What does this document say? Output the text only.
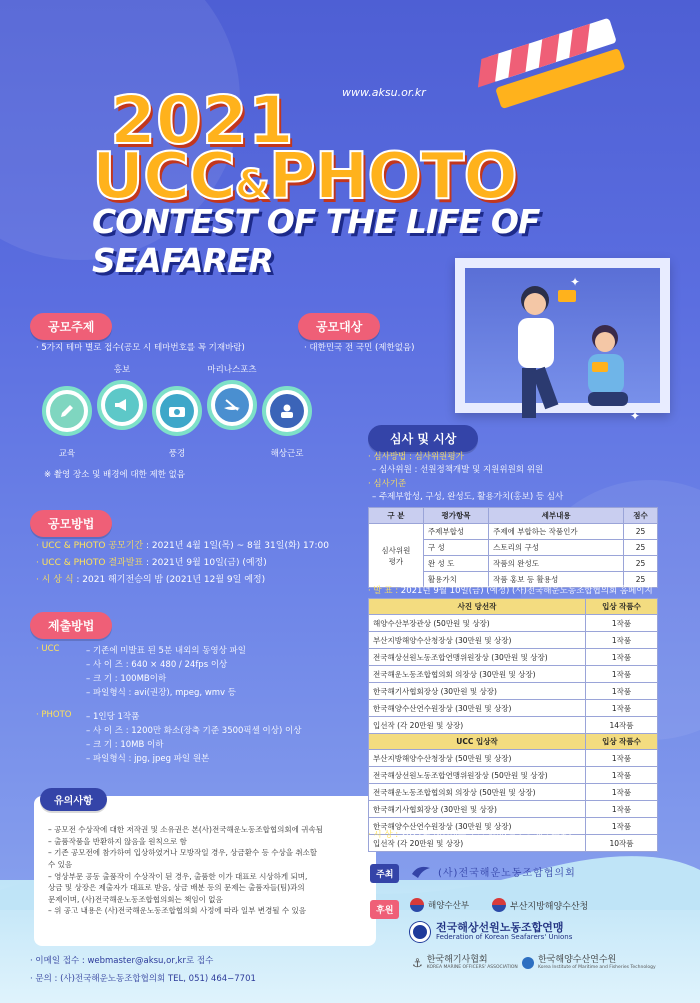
www.aksu.or.kr
2021
UCC&PHOTO
CONTEST OF THE LIFE OF SEAFARER
✦
✦
공모주제
· 5가지 테마 별로 접수(공모 시 테마번호를 꼭 기재바람)
홍보	마리나스포츠
교육	풍경	해상근로
※ 촬영 장소 및 배경에 대한 제한 없음
공모대상
· 대한민국 전 국민 (제한없음)
공모방법
· UCC & PHOTO 공모기간 : 2021년 4월 1일(목) ~ 8월 31일(화) 17:00
· UCC & PHOTO 결과발표 : 2021년 9월 10일(금) (예정)
· 시 상 식 : 2021 해기전승의 밤 (2021년 12월 9일 예정)
제출방법
· UCC	– 기존에 미발표 된 5분 내외의 동영상 파일
– 사 이 즈 : 640 × 480 / 24fps 이상
– 크 기 : 100MB이하
– 파일형식 : avi(권장), mpeg, wmv 등
· PHOTO – 1인당 1작품
– 사 이 즈 : 1200만 화소(장축 기준 3500픽셀 이상) 이상
– 크 기 : 10MB 이하
– 파일형식 : jpg, jpeg 파일 원본
– 공모전 수상작에 대한 저작권 및 소유권은 본(사)전국해운노동조합협의회에 귀속됨
– 출품작품을 반환하지 않음을 원칙으로 함
– 기존 공모전에 참가하여 입상하였거나 모방작일 경우, 상금환수 등 수상을 취소할
수 있음
– 영상부문 공동 출품작이 수상작이 된 경우, 출품한 이가 대표로 시상하게 되며,
상금 및 상장은 제출자가 대표로 받음, 상금 배분 등의 문제는 출품자들(팀)과의
문제이며, (사)전국해운노동조합협의회는 책임이 없음
– 위 공고 내용은 (사)전국해운노동조합협의회 사정에 따라 일부 변경될 수 있음
유의사항
· 이메일 접수 : webmaster@aksu,or,kr로 접수
· 문의 : (사)전국해운노동조합협의회 TEL, 051) 464−7701
심사 및 시상
· 심사방법 : 심사위원평가
– 심사위원 : 선원정책개발 및 지원위원회 위원
· 심사기준
– 주제부합성, 구성, 완성도, 활용가치(홍보) 등 심사
구 분	평가항목	세부내용	점수
심사위원
평가	주제부합성	주제에 부합하는 작품인가	25
	구 성	스토리의 구성	25
	완 성 도	작품의 완성도	25
	활용가치	작품 홍보 등 활용성	25
· 발 표 : 2021년 9월 10일(금) (예정) (사)전국해운노동조합협의회 홈페이지
사진 당선작	입상 작품수
해양수산부장관상 (50만원 및 상장)	1작품
부산지방해양수산청장상 (30만원 및 상장)	1작품
전국해상선원노동조합연맹위원장상 (30만원 및 상장)	1작품
전국해운노동조합협의회 의장상 (30만원 및 상장)	1작품
한국해기사협회장상 (30만원 및 상장)	1작품
한국해양수산연수원장상 (30만원 및 상장)	1작품
입선작 (각 20만원 및 상장)	14작품
UCC 입상작	입상 작품수
부산지방해양수산청장상 (50만원 및 상장)	1작품
전국해상선원노동조합연맹위원장상 (50만원 및 상장)	1작품
전국해운노동조합협의회 의장상 (50만원 및 상장)	1작품
한국해기사협회장상 (30만원 및 상장)	1작품
한국해양수산연수원장상 (30만원 및 상장)	1작품
입선작 (각 20만원 및 상장)	10작품
· 시 상 : 2021년 해기전승의 밤 행사(별도 공지 · 통보)
주최	(사)전국해운노동조합협의회
후원	해양수산부	부산지방해양수산청
전국해상선원노동조합연맹
Federation of Korean Seafarers' Unions
⚓ 한국해기사협회
KOREA MARINE OFFICERS' ASSOCIATION
한국해양수산연수원
Korea Institute of Maritime and Fisheries Technology
